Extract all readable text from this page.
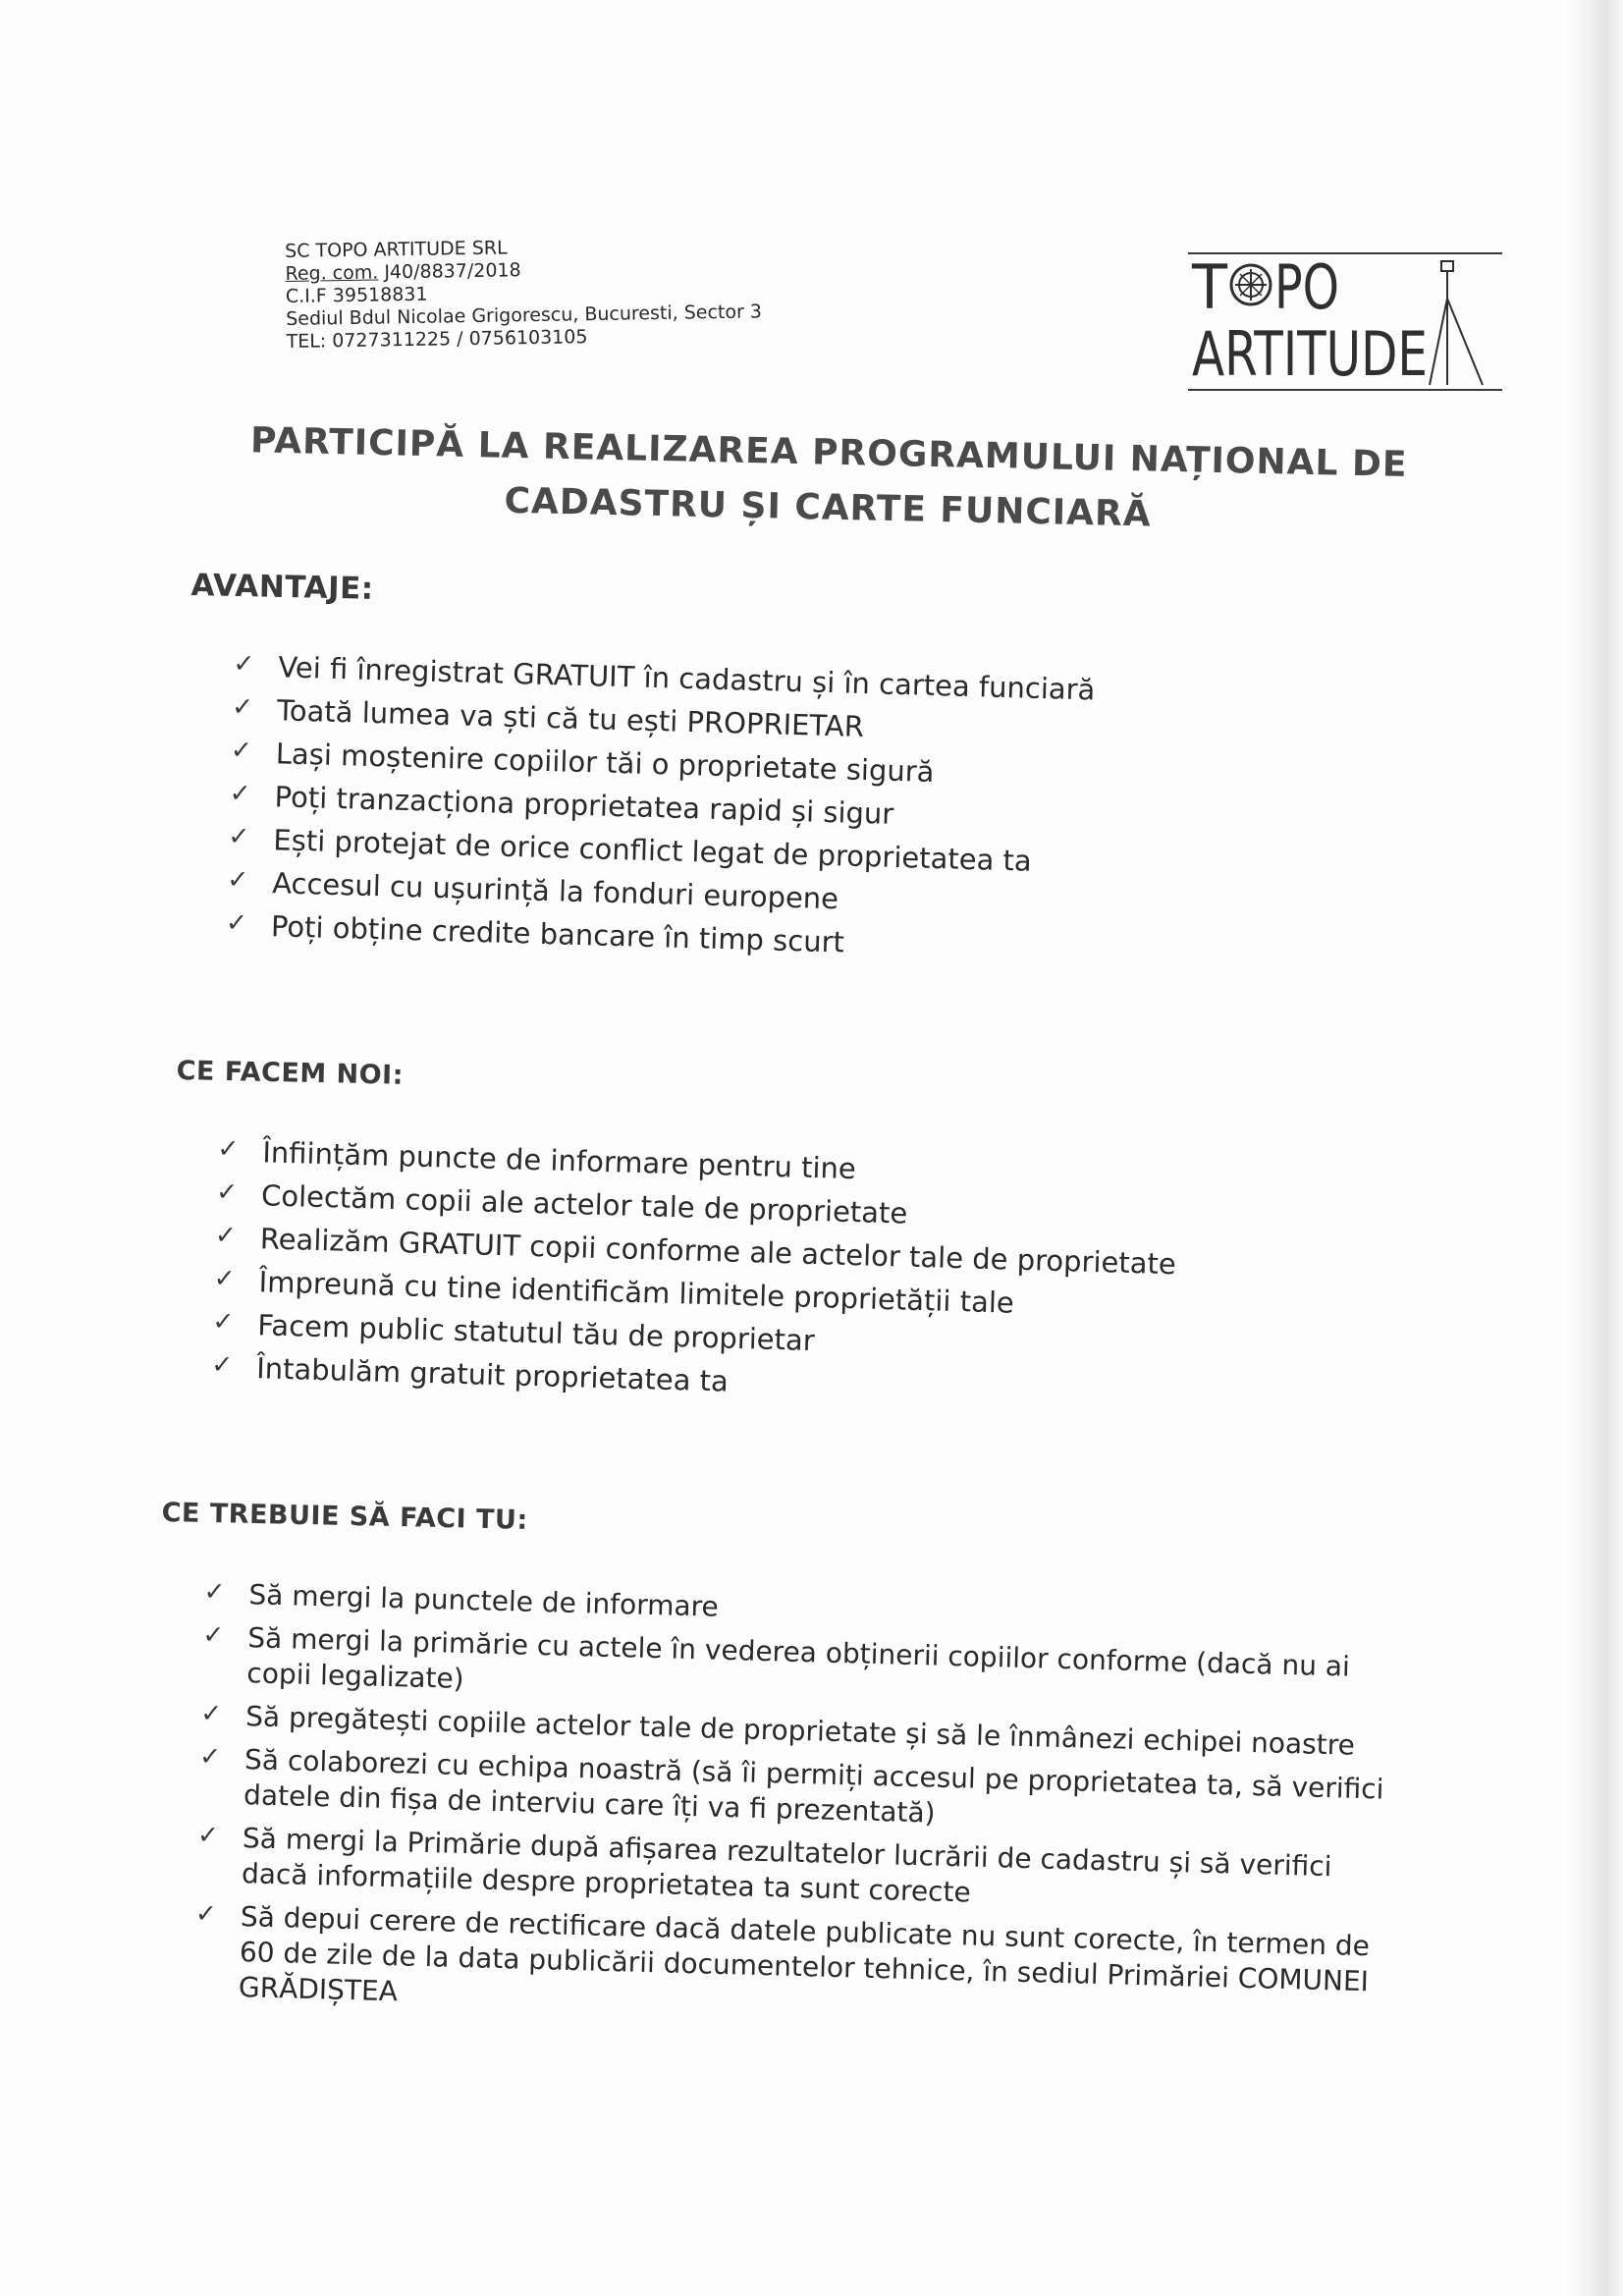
SC TOPO ARTITUDE SRL
Reg. com. J40/8837/2018
C.I.F 39518831
Sediul Bdul Nicolae Grigorescu, Bucuresti, Sector 3
TEL: 0727311225 / 0756103105
T PO
ARTITUDE
PARTICIPĂ LA REALIZAREA PROGRAMULUI NAȚIONAL DE
CADASTRU ȘI CARTE FUNCIARĂ
AVANTAJE:
✓ Vei fi înregistrat GRATUIT în cadastru și în cartea funciară
✓ Toată lumea va ști că tu ești PROPRIETAR
✓ Lași moștenire copiilor tăi o proprietate sigură
✓ Poți tranzacționa proprietatea rapid și sigur
✓ Ești protejat de orice conflict legat de proprietatea ta
✓ Accesul cu ușurință la fonduri europene
✓ Poți obține credite bancare în timp scurt
CE FACEM NOI:
✓ Înființăm puncte de informare pentru tine
✓ Colectăm copii ale actelor tale de proprietate
✓ Realizăm GRATUIT copii conforme ale actelor tale de proprietate
✓ Împreună cu tine identificăm limitele proprietății tale
✓ Facem public statutul tău de proprietar
✓ Întabulăm gratuit proprietatea ta
CE TREBUIE SĂ FACI TU:
✓ Să mergi la punctele de informare
✓ Să mergi la primărie cu actele în vederea obținerii copiilor conforme (dacă nu ai copii legalizate)
✓ Să pregătești copiile actelor tale de proprietate și să le înmânezi echipei noastre
✓ Să colaborezi cu echipa noastră (să îi permiți accesul pe proprietatea ta, să verifici datele din fișa de interviu care îți va fi prezentată)
✓ Să mergi la Primărie după afișarea rezultatelor lucrării de cadastru și să verifici dacă informațiile despre proprietatea ta sunt corecte
✓ Să depui cerere de rectificare dacă datele publicate nu sunt corecte, în termen de 60 de zile de la data publicării documentelor tehnice, în sediul Primăriei COMUNEI GRĂDIȘTEA
